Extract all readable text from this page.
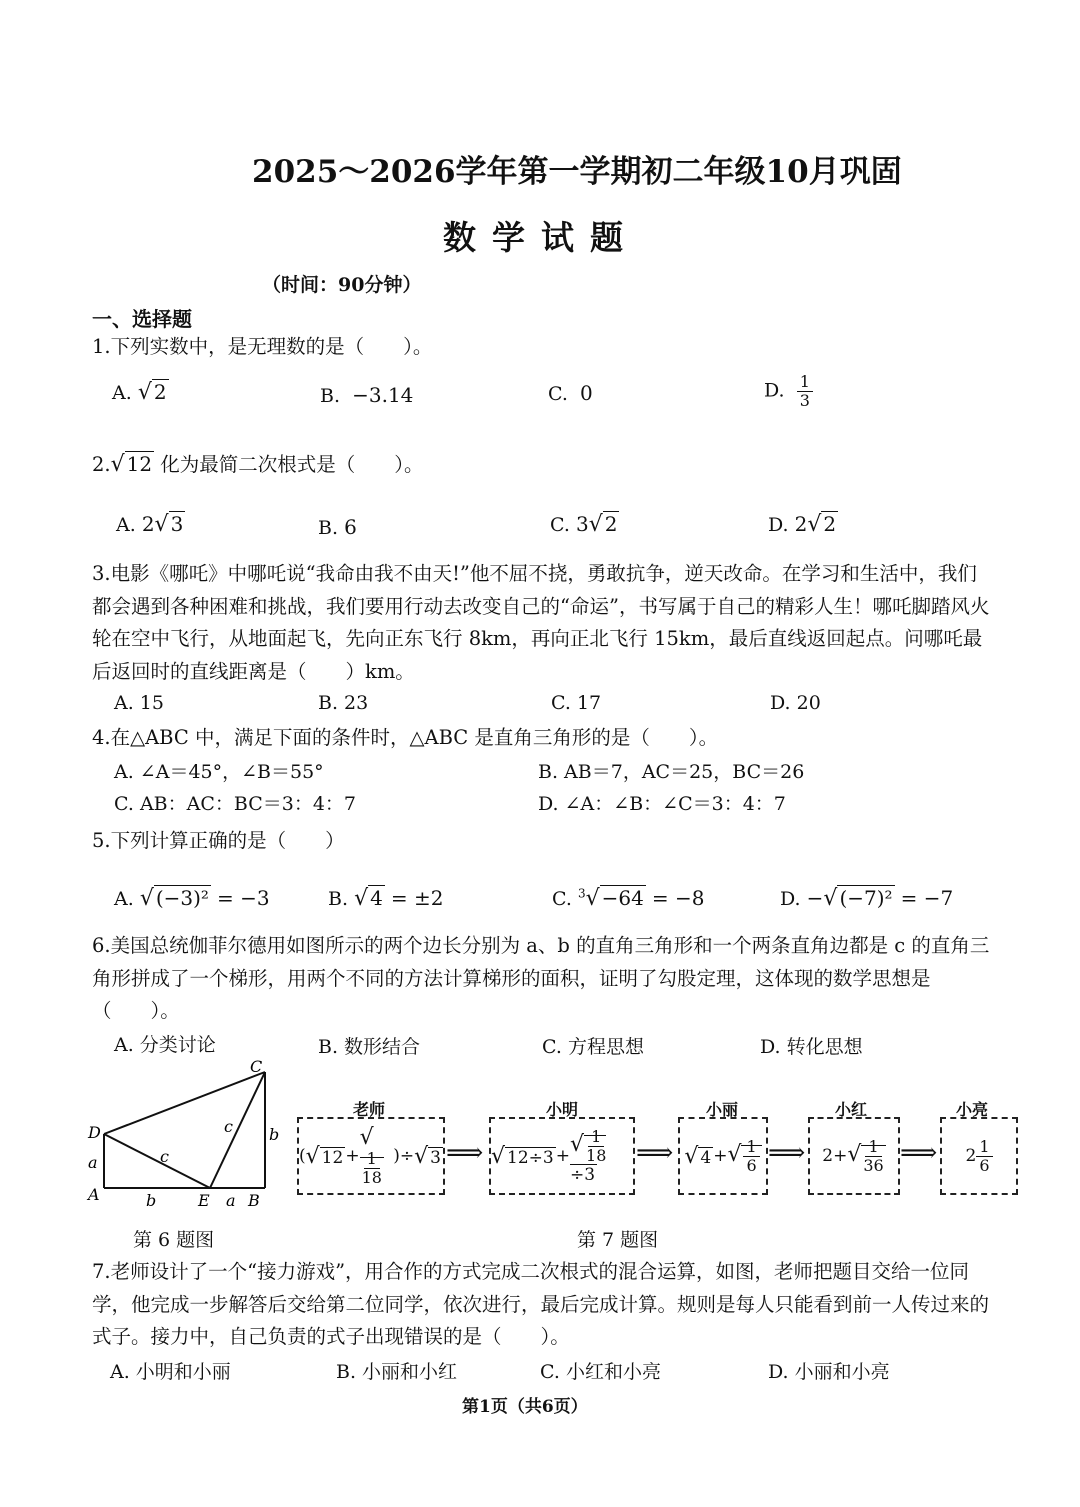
2025～2026学年第一学期初二年级10月巩固
数学试题
（时间：90分钟）
一、选择题
1.下列实数中，是无理数的是（　　）。
A. √ 2	B. −3.14	C. 0	D. $\frac{1}{3}$
2.√ 12 化为最简二次根式是（　　）。
A. 2√ 3	B. 6	C. 3√ 2	D. 2√ 2
3.电影《哪吒》中哪吒说“我命由我不由天!”他不屈不挠，勇敢抗争，逆天改命。在学习和生活中，我们都会遇到各种困难和挑战，我们要用行动去改变自己的“命运”，书写属于自己的精彩人生！哪吒脚踏风火轮在空中飞行，从地面起飞，先向正东飞行 8km，再向正北飞行 15km，最后直线返回起点。问哪吒最后返回时的直线距离是（　　）km。
A. 15	B. 23	C. 17	D. 20
4.在△ABC 中，满足下面的条件时，△ABC 是直角三角形的是（　　）。
A. ∠A＝45°，∠B＝55°	B. AB＝7，AC＝25，BC＝26
C. AB：AC：BC＝3：4：7	D. ∠A：∠B：∠C＝3：4：7
5.下列计算正确的是（　　）
A. √ (−3)² = −3	B. √ 4 = ±2	C. $^3$√ −64 = −8	D. −√ (−7)² = −7
6.美国总统伽菲尔德用如图所示的两个边长分别为 a、b 的直角三角形和一个两条直角边都是 c 的直角三角形拼成了一个梯形，用两个不同的方法计算梯形的面积，证明了勾股定理，这体现的数学思想是（　　）。
A. 分类讨论	B. 数形结合	C. 方程思想	D. 转化思想
C
D
A	E B
a
b
c
c
b	a
第 6 题图
老师	小明	小丽	小红	小亮
( √ 12 +
√
$\frac{1}{18}$ ) ÷ √ 3 ⟹ √ 12÷3 + √ $\frac{1}{18}$
÷3
⟹ √ 4 + √ $\frac{1}{6}$ ⟹ 2+ √ $\frac{1}{36}$ ⟹ $2 \frac{1}{6}$
第 7 题图
7.老师设计了一个“接力游戏”，用合作的方式完成二次根式的混合运算，如图，老师把题目交给一位同学，他完成一步解答后交给第二位同学，依次进行，最后完成计算。规则是每人只能看到前一人传过来的式子。接力中，自己负责的式子出现错误的是（　　）。
A. 小明和小丽	B. 小丽和小红	C. 小红和小亮	D. 小丽和小亮
第1页（共6页）
